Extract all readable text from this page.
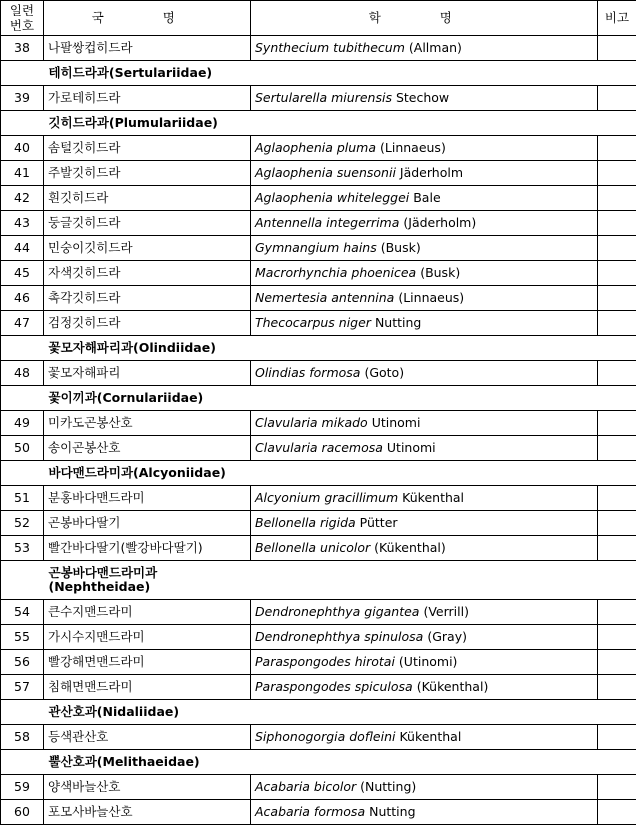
일련
번호	국 명	학 명	비고
38	나팔쌍컵히드라	Synthecium tubithecum (Allman)	
	테히드라과(Sertulariidae)		
39	가로테히드라	Sertularella miurensis Stechow	
	깃히드라과(Plumulariidae)		
40	솜털깃히드라	Aglaophenia pluma (Linnaeus)	
41	주발깃히드라	Aglaophenia suensonii Jäderholm	
42	흰깃히드라	Aglaophenia whiteleggei Bale	
43	둥글깃히드라	Antennella integerrima (Jäderholm)	
44	민숭이깃히드라	Gymnangium hains (Busk)	
45	자색깃히드라	Macrorhynchia phoenicea (Busk)	
46	촉각깃히드라	Nemertesia antennina (Linnaeus)	
47	검정깃히드라	Thecocarpus niger Nutting	
	꽃모자해파리과(Olindiidae)		
48	꽃모자해파리	Olindias formosa (Goto)	
	꽃이끼과(Cornulariidae)		
49	미카도곤봉산호	Clavularia mikado Utinomi	
50	송이곤봉산호	Clavularia racemosa Utinomi	
	바다맨드라미과(Alcyoniidae)		
51	분홍바다맨드라미	Alcyonium gracillimum Kükenthal	
52	곤봉바다딸기	Bellonella rigida Pütter	
53	빨간바다딸기(빨강바다딸기)	Bellonella unicolor (Kükenthal)	
	곤봉바다맨드라미과
(Nephtheidae)		
54	큰수지맨드라미	Dendronephthya gigantea (Verrill)	
55	가시수지맨드라미	Dendronephthya spinulosa (Gray)	
56	빨강해면맨드라미	Paraspongodes hirotai (Utinomi)	
57	침해면맨드라미	Paraspongodes spiculosa (Kükenthal)	
	관산호과(Nidaliidae)		
58	등색관산호	Siphonogorgia dofleini Kükenthal	
	뿔산호과(Melithaeidae)		
59	양색바늘산호	Acabaria bicolor (Nutting)	
60	포모사바늘산호	Acabaria formosa Nutting	
